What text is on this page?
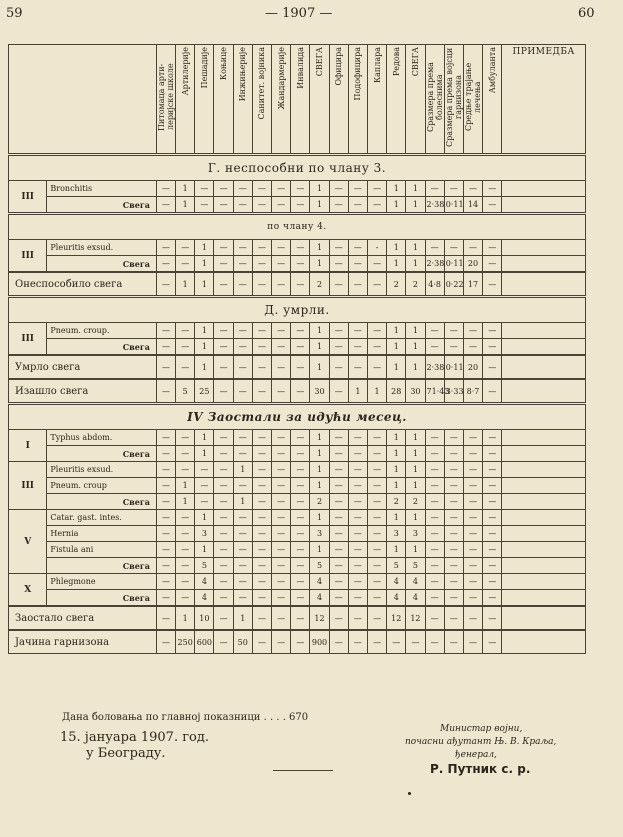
59	— 1907 —	60
		Питомаца арти-лериjске школе	Артилериjе	Пешадиjе	Коњице	Инжињериjе	Санитет. војника	Жандармериjе	Инвалида	СВЕГА	Официра	Подофицира	Каплара	Редова	СВЕГА	Сразмера према болеснима	Сразмера према војсци гарнизона	Средње трајање лечења	Амбуланта	ПРИМЕДБА
Г. неспособни по члану 3.																				
III	Bronchitis	—	1	—	—	—	—	—	—	1	—	—	—	1	1	—	—	—	—	
	Свега	—	1	—	—	—	—	—	—	1	—	—	—	1	1	2·38	0·11	14	—	
по члану 4.																				
III	Pleuritis exsud.	—	—	1	—	—	—	—	—	1	—	—	-	1	1	—	—	—	—	
	Свега	—	—	1	—	—	—	—	—	1	—	—	—	1	1	2·38	0·11	20	—	
Онеспособило свега		—	1	1	—	—	—	—	—	2	—	—	—	2	2	4·8	0·22	17	—	
Д. умрли.																				
III	Pneum. croup.	—	—	1	—	—	—	—	—	1	—	—	—	1	1	—	—	—	—	
	Свега	—	—	1	—	—	—	—	—	1	—	—	—	1	1	—	—	—	—	
Умрло свега		—	—	1	—	—	—	—	—	1	—	—	—	1	1	2·38	0·11	20	—	
Изашло свега		—	5	25	—	—	—	—	—	30	—	1	1	28	30	71·43	3·33	8·7	—	
IV Заостали за идући месец.																				
I	Typhus abdom.	—	—	1	—	—	—	—	—	1	—	—	—	1	1	—	—	—	—	
	Свега	—	—	1	—	—	—	—	—	1	—	—	—	1	1	—	—	—	—	
III	Pleuritis exsud.	—	—	—	—	1	—	—	—	1	—	—	—	1	1	—	—	—	—	
	Pneum. croup	—	1	—	—	—	—	—	—	1	—	—	—	1	1	—	—	—	—	
	Свега	—	1	—	—	1	—	—	—	2	—	—	—	2	2	—	—	—	—	
V	Catar. gast. intes.	—	—	1	—	—	—	—	—	1	—	—	—	1	1	—	—	—	—	
	Hernia	—	—	3	—	—	—	—	—	3	—	—	—	3	3	—	—	—	—	
	Fistula ani	—	—	1	—	—	—	—	—	1	—	—	—	1	1	—	—	—	—	
	Свега	—	—	5	—	—	—	—	—	5	—	—	—	5	5	—	—	—	—	
X	Phlegmone	—	—	4	—	—	—	—	—	4	—	—	—	4	4	—	—	—	—	
	Свега	—	—	4	—	—	—	—	—	4	—	—	—	4	4	—	—	—	—	
Заостало свега		—	1	10	—	1	—	—	—	12	—	—	—	12	12	—	—	—	—	
Јачина гарнизона		—	250	600	—	50	—	—	—	900	—	—	—	—	—	—	—	—	—	
Дана боловања по главној показници . . . . 670
15. јануара 1907. год.
у Београду.
Министар војни,
почасни ађутант Њ. В. Краља,
ђенерал,
Р. Путник с. р.
